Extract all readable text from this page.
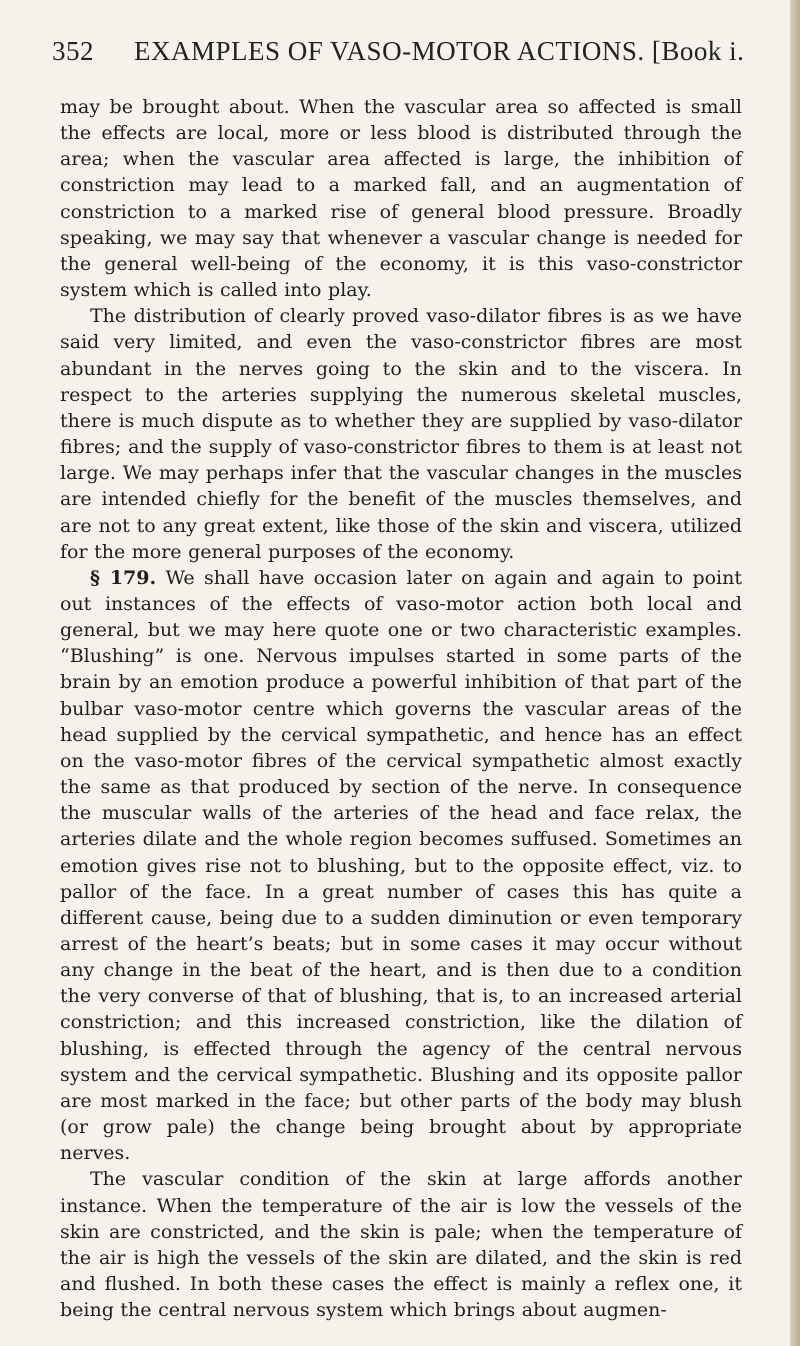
352 EXAMPLES OF VASO-MOTOR ACTIONS. [Book i.

may be brought about. When the vascular area so affected is small the effects are local, more or less blood is distributed through the area; when the vascular area affected is large, the inhibition of constriction may lead to a marked fall, and an augmentation of constriction to a marked rise of general blood pressure. Broadly speaking, we may say that whenever a vascular change is needed for the general well-being of the economy, it is this vaso-constrictor system which is called into play.

The distribution of clearly proved vaso-dilator fibres is as we have said very limited, and even the vaso-constrictor fibres are most abundant in the nerves going to the skin and to the viscera. In respect to the arteries supplying the numerous skeletal muscles, there is much dispute as to whether they are supplied by vaso-dilator fibres; and the supply of vaso-constrictor fibres to them is at least not large. We may perhaps infer that the vascular changes in the muscles are intended chiefly for the benefit of the muscles themselves, and are not to any great extent, like those of the skin and viscera, utilized for the more general purposes of the economy.

§ 179. We shall have occasion later on again and again to point out instances of the effects of vaso-motor action both local and general, but we may here quote one or two characteristic examples. “Blushing” is one. Nervous impulses started in some parts of the brain by an emotion produce a powerful inhibition of that part of the bulbar vaso-motor centre which governs the vascular areas of the head supplied by the cervical sympathetic, and hence has an effect on the vaso-motor fibres of the cervical sympathetic almost exactly the same as that produced by section of the nerve. In consequence the muscular walls of the arteries of the head and face relax, the arteries dilate and the whole region becomes suffused. Sometimes an emotion gives rise not to blushing, but to the opposite effect, viz. to pallor of the face. In a great number of cases this has quite a different cause, being due to a sudden diminution or even temporary arrest of the heart’s beats; but in some cases it may occur without any change in the beat of the heart, and is then due to a condition the very converse of that of blushing, that is, to an increased arterial constriction; and this increased constriction, like the dilation of blushing, is effected through the agency of the central nervous system and the cervical sympathetic. Blushing and its opposite pallor are most marked in the face; but other parts of the body may blush (or grow pale) the change being brought about by appropriate nerves.

The vascular condition of the skin at large affords another instance. When the temperature of the air is low the vessels of the skin are constricted, and the skin is pale; when the temperature of the air is high the vessels of the skin are dilated, and the skin is red and flushed. In both these cases the effect is mainly a reflex one, it being the central nervous system which brings about augmen-
